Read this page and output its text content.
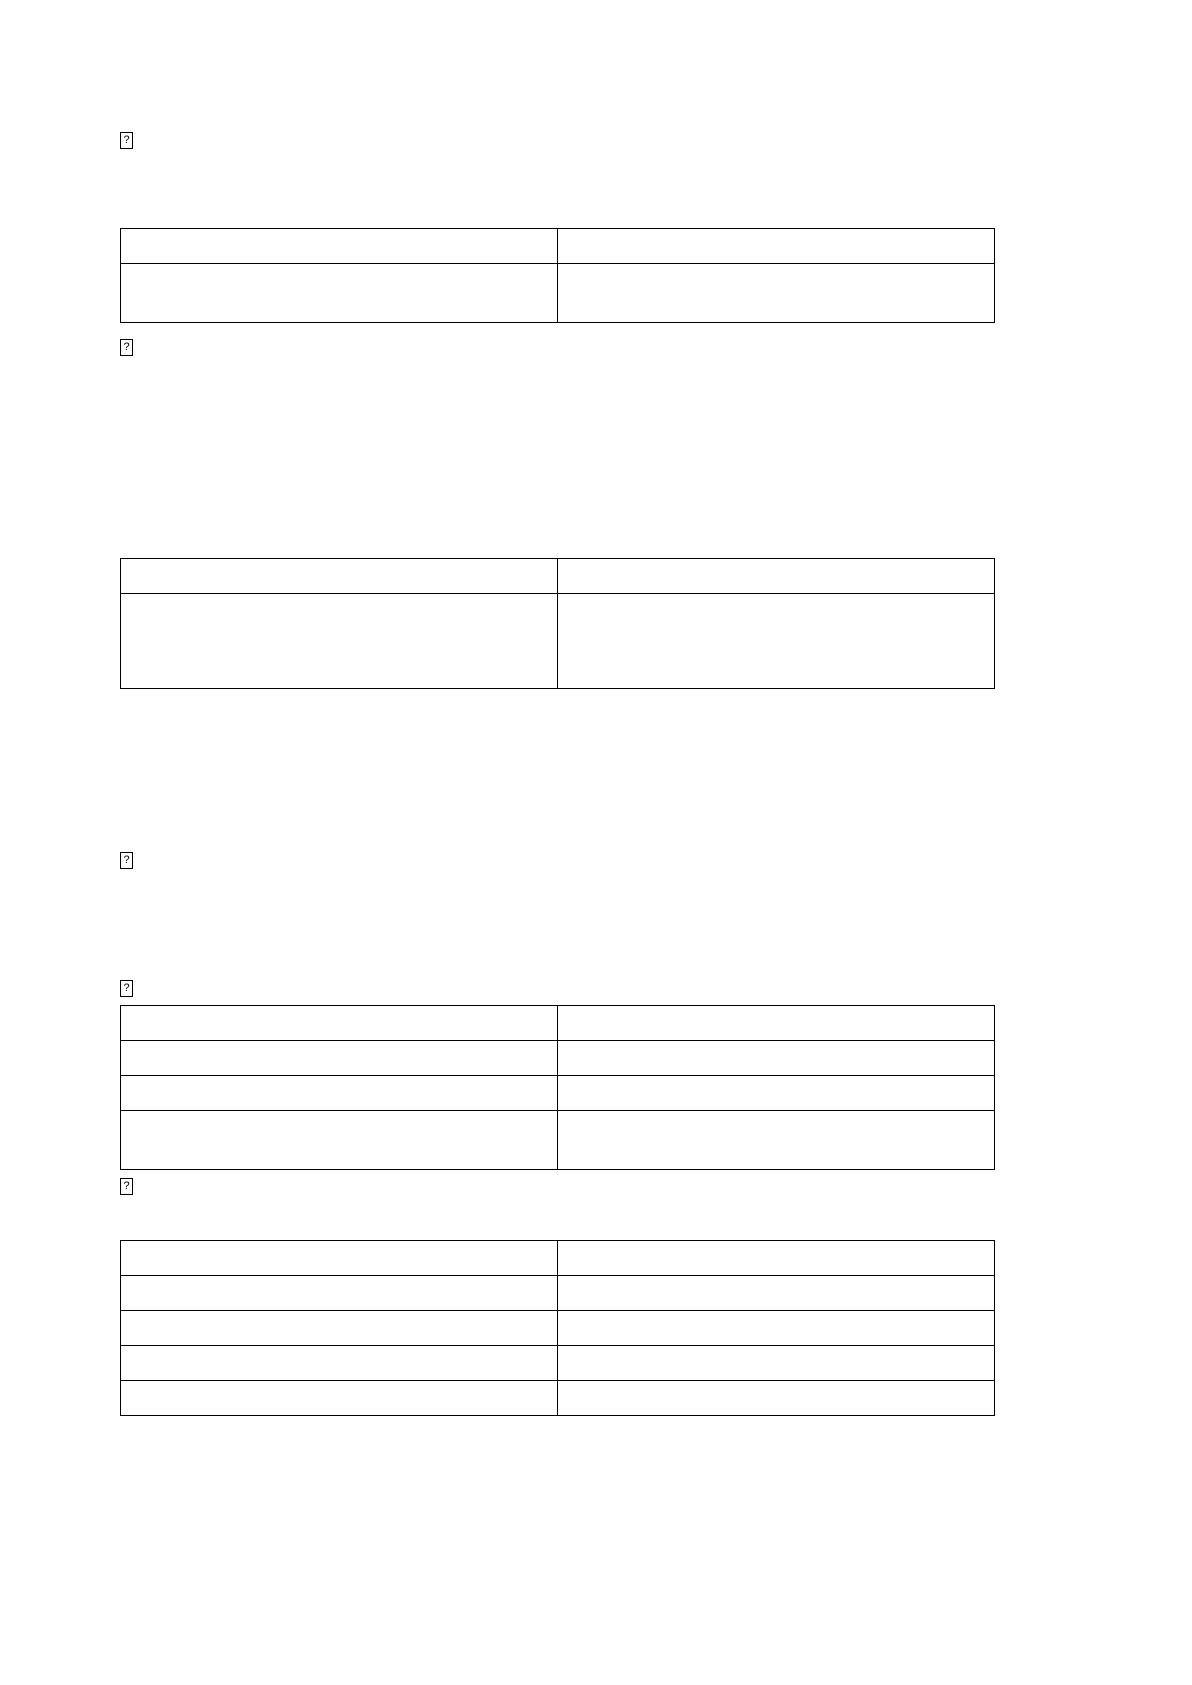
?

?

?
?

?
